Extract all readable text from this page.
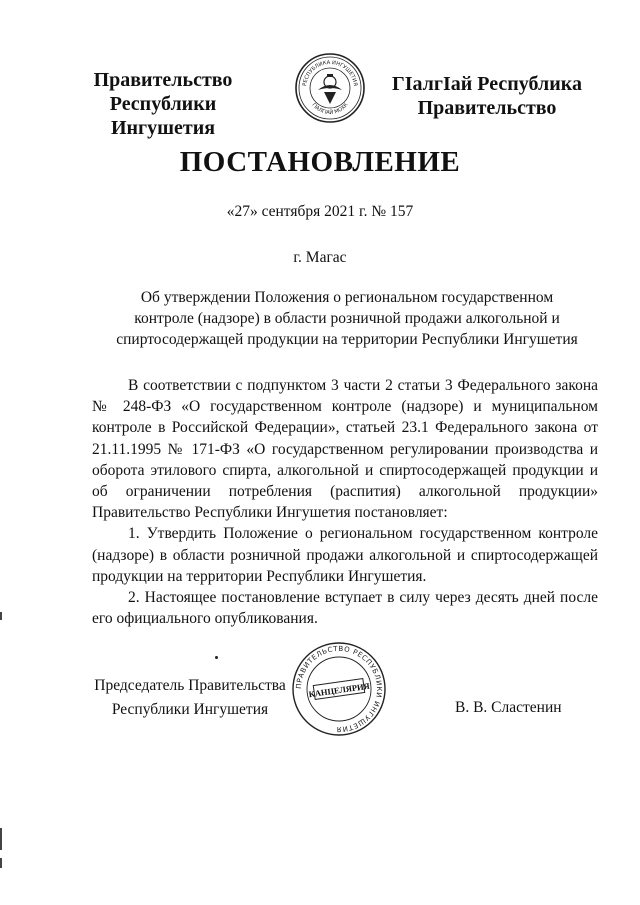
Правительство
Республики Ингушетия
РЕСПУБЛИКА ИНГУШЕТИЯ
ГIАЛГIАЙ МОХК
ГIалгIай Республика
Правительство
ПОСТАНОВЛЕНИЕ
«27» сентября 2021 г. № 157
г. Магас
Об утверждении Положения о региональном государственном
контроле (надзоре) в области розничной продажи алкогольной и
спиртосодержащей продукции на территории Республики Ингушетия

В соответствии с подпунктом 3 части 2 статьи 3 Федерального закона № 248-ФЗ «О государственном контроле (надзоре) и муниципальном контроле в Российской Федерации», статьей 23.1 Федерального закона от 21.11.1995 № 171-ФЗ «О государственном регулировании производства и оборота этилового спирта, алкогольной и спиртосодержащей продукции и об ограничении потребления (распития) алкогольной продукции» Правительство Республики Ингушетия постановляет:

1. Утвердить Положение о региональном государственном контроле (надзоре) в области розничной продажи алкогольной и спиртосодержащей продукции на территории Республики Ингушетия.

2. Настоящее постановление вступает в силу через десять дней после его официального опубликования.

Председатель Правительства
Республики Ингушетия
ПРАВИТЕЛЬСТВО РЕСПУБЛИКИ ИНГУШЕТИЯ
КАНЦЕЛЯРИЯ
В. В. Сластенин
